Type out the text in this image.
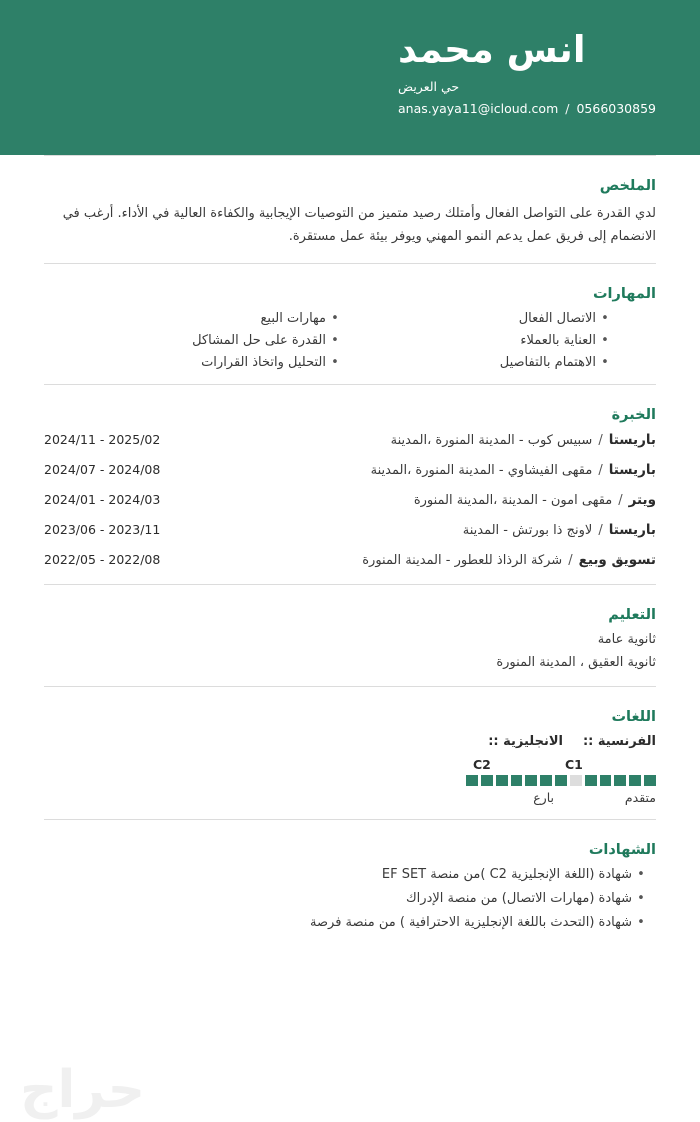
انس محمد
حي العريض
anas.yaya11@icloud.com / 0566030859
الملخص
لدي القدرة على التواصل الفعال وأمتلك رصيد متميز من التوصيات الإيجابية والكفاءة العالية في الأداء. أرغب في الانضمام إلى فريق عمل يدعم النمو المهني ويوفر بيئة عمل مستقرة.
المهارات
•
الاتصال الفعال
•
العناية بالعملاء
•
الاهتمام بالتفاصيل
•
مهارات البيع
•
القدرة على حل المشاكل
•
التحليل واتخاذ القرارات
الخبرة
باريستا
/
سبيس كوب - المدينة المنورة ،المدينة
2024/11 - 2025/02
باريستا
/
مقهى الفيشاوي - المدينة المنورة ،المدينة
2024/07 - 2024/08
ويتر
/
مقهى امون - المدينة ،المدينة المنورة
2024/01 - 2024/03
باريستا
/
لاونج ذا بورتش - المدينة
2023/06 - 2023/11
تسويق وبيع
/
شركة الرذاذ للعطور - المدينة المنورة
2022/05 - 2022/08
التعليم
ثانوية عامة
ثانوية العقيق ، المدينة المنورة
اللغات
الفرنسية ::
الانجليزية ::
C2	C1
بارع	متقدم
الشهادات
•
شهادة (اللغة الإنجليزية C2 )من منصة EF SET
•
شهادة (مهارات الاتصال) من منصة الإدراك
•
شهادة (التحدث باللغة الإنجليزية الاحترافية ) من منصة فرصة
حراج
